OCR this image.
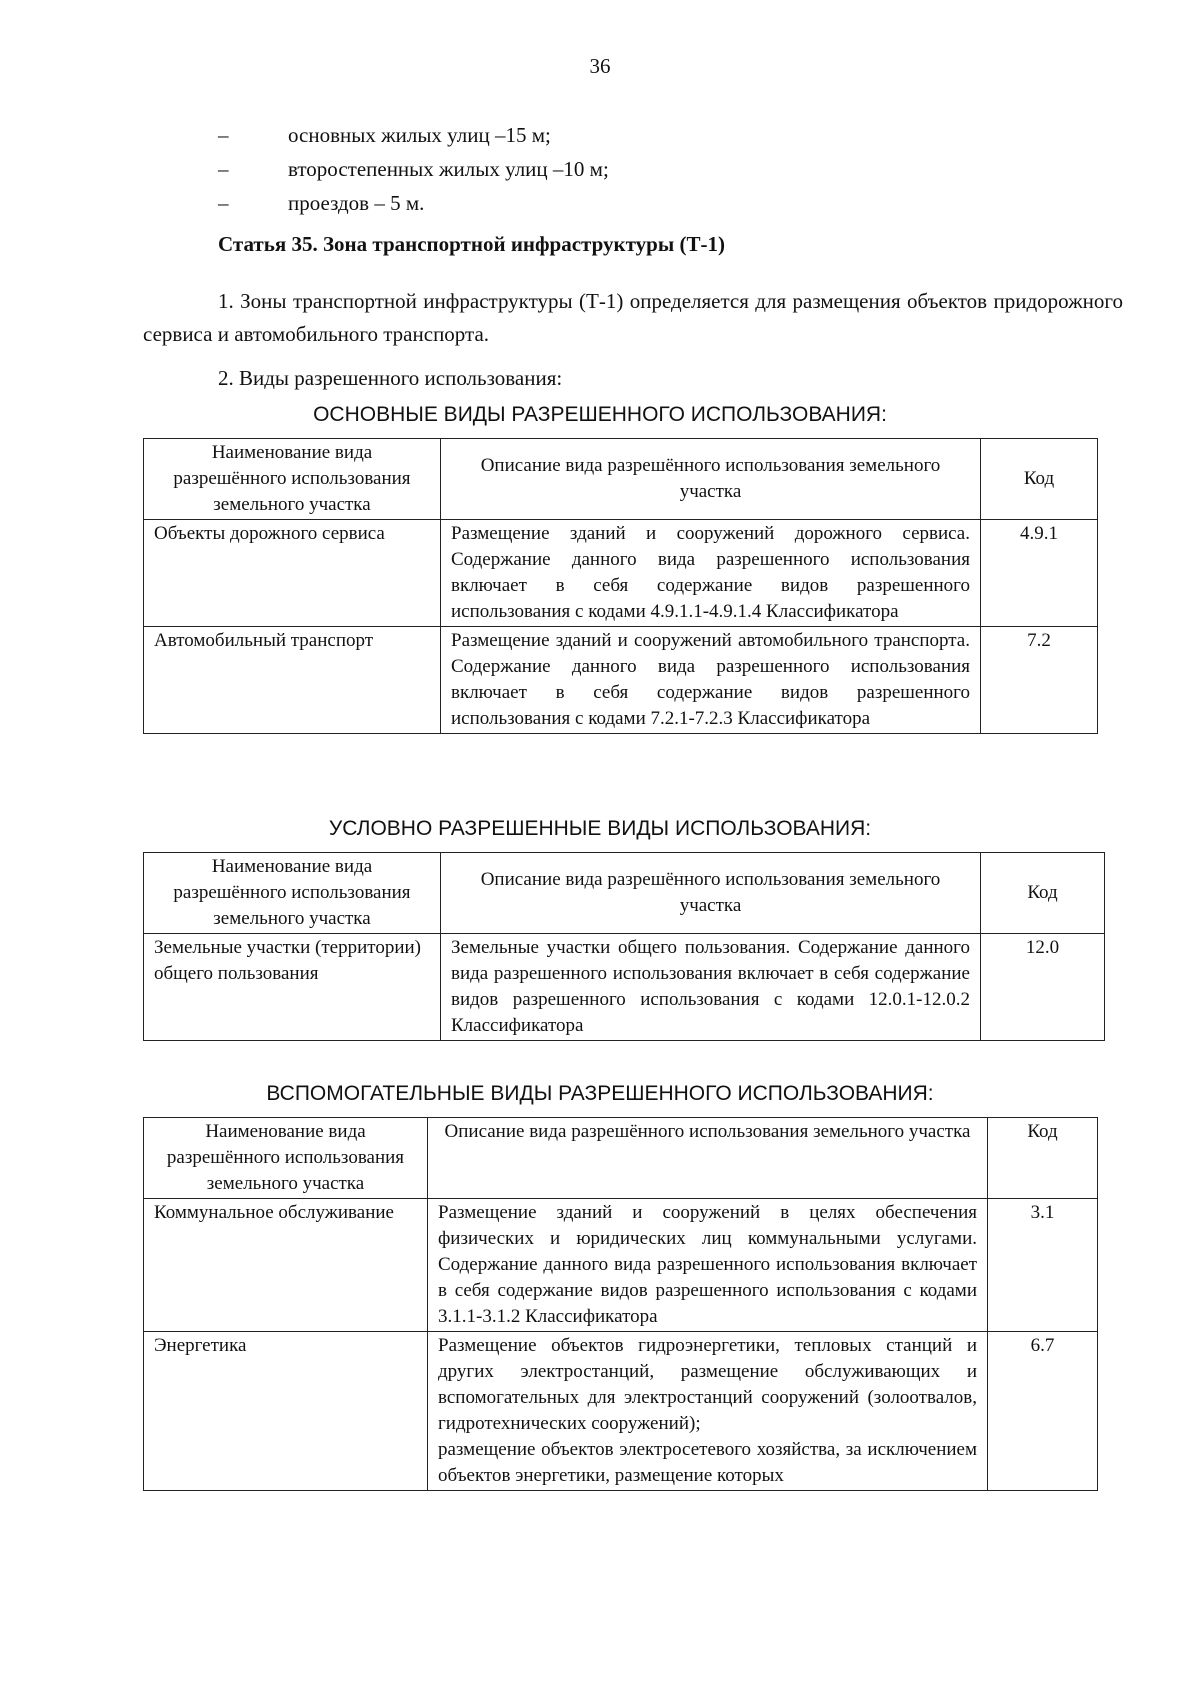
36
–	основных жилых улиц –15 м;
–	второстепенных жилых улиц –10 м;
–	проездов – 5 м.
Статья 35. Зона транспортной инфраструктуры (Т-1)

1. Зоны транспортной инфраструктуры (Т-1) определяется для размещения объектов придорожного сервиса и автомобильного транспорта.

2. Виды разрешенного использования:
ОСНОВНЫЕ ВИДЫ РАЗРЕШЕННОГО ИСПОЛЬЗОВАНИЯ:
Наименование вида разрешённого использования земельного участка	Описание вида разрешённого использования земельного участка	Код
Объекты дорожного сервиса	Размещение зданий и сооружений дорожного сервиса. Содержание данного вида разрешенного использования включает в себя содержание видов разрешенного использования с кодами 4.9.1.1-4.9.1.4 Классификатора	4.9.1
Автомобильный транспорт	Размещение зданий и сооружений автомобильного транспорта. Содержание данного вида разрешенного использования включает в себя содержание видов разрешенного использования с кодами 7.2.1-7.2.3 Классификатора	7.2
УСЛОВНО РАЗРЕШЕННЫЕ ВИДЫ ИСПОЛЬЗОВАНИЯ:
Наименование вида разрешённого использования земельного участка	Описание вида разрешённого использования земельного участка	Код
Земельные участки (территории) общего пользования	Земельные участки общего пользования. Содержание данного вида разрешенного использования включает в себя содержание видов разрешенного использования с кодами 12.0.1-12.0.2 Классификатора	12.0
ВСПОМОГАТЕЛЬНЫЕ ВИДЫ РАЗРЕШЕННОГО ИСПОЛЬЗОВАНИЯ:
Наименование вида разрешённого использования земельного участка	Описание вида разрешённого использования земельного участка	Код
Коммунальное обслуживание	Размещение зданий и сооружений в целях обеспечения физических и юридических лиц коммунальными услугами. Содержание данного вида разрешенного использования включает в себя содержание видов разрешенного использования с кодами 3.1.1-3.1.2 Классификатора	3.1
Энергетика	Размещение объектов гидроэнергетики, тепловых станций и других электростанций, размещение обслуживающих и вспомогательных для электростанций сооружений (золоотвалов, гидротехнических сооружений);
размещение объектов электросетевого хозяйства, за исключением объектов энергетики, размещение которых	6.7
